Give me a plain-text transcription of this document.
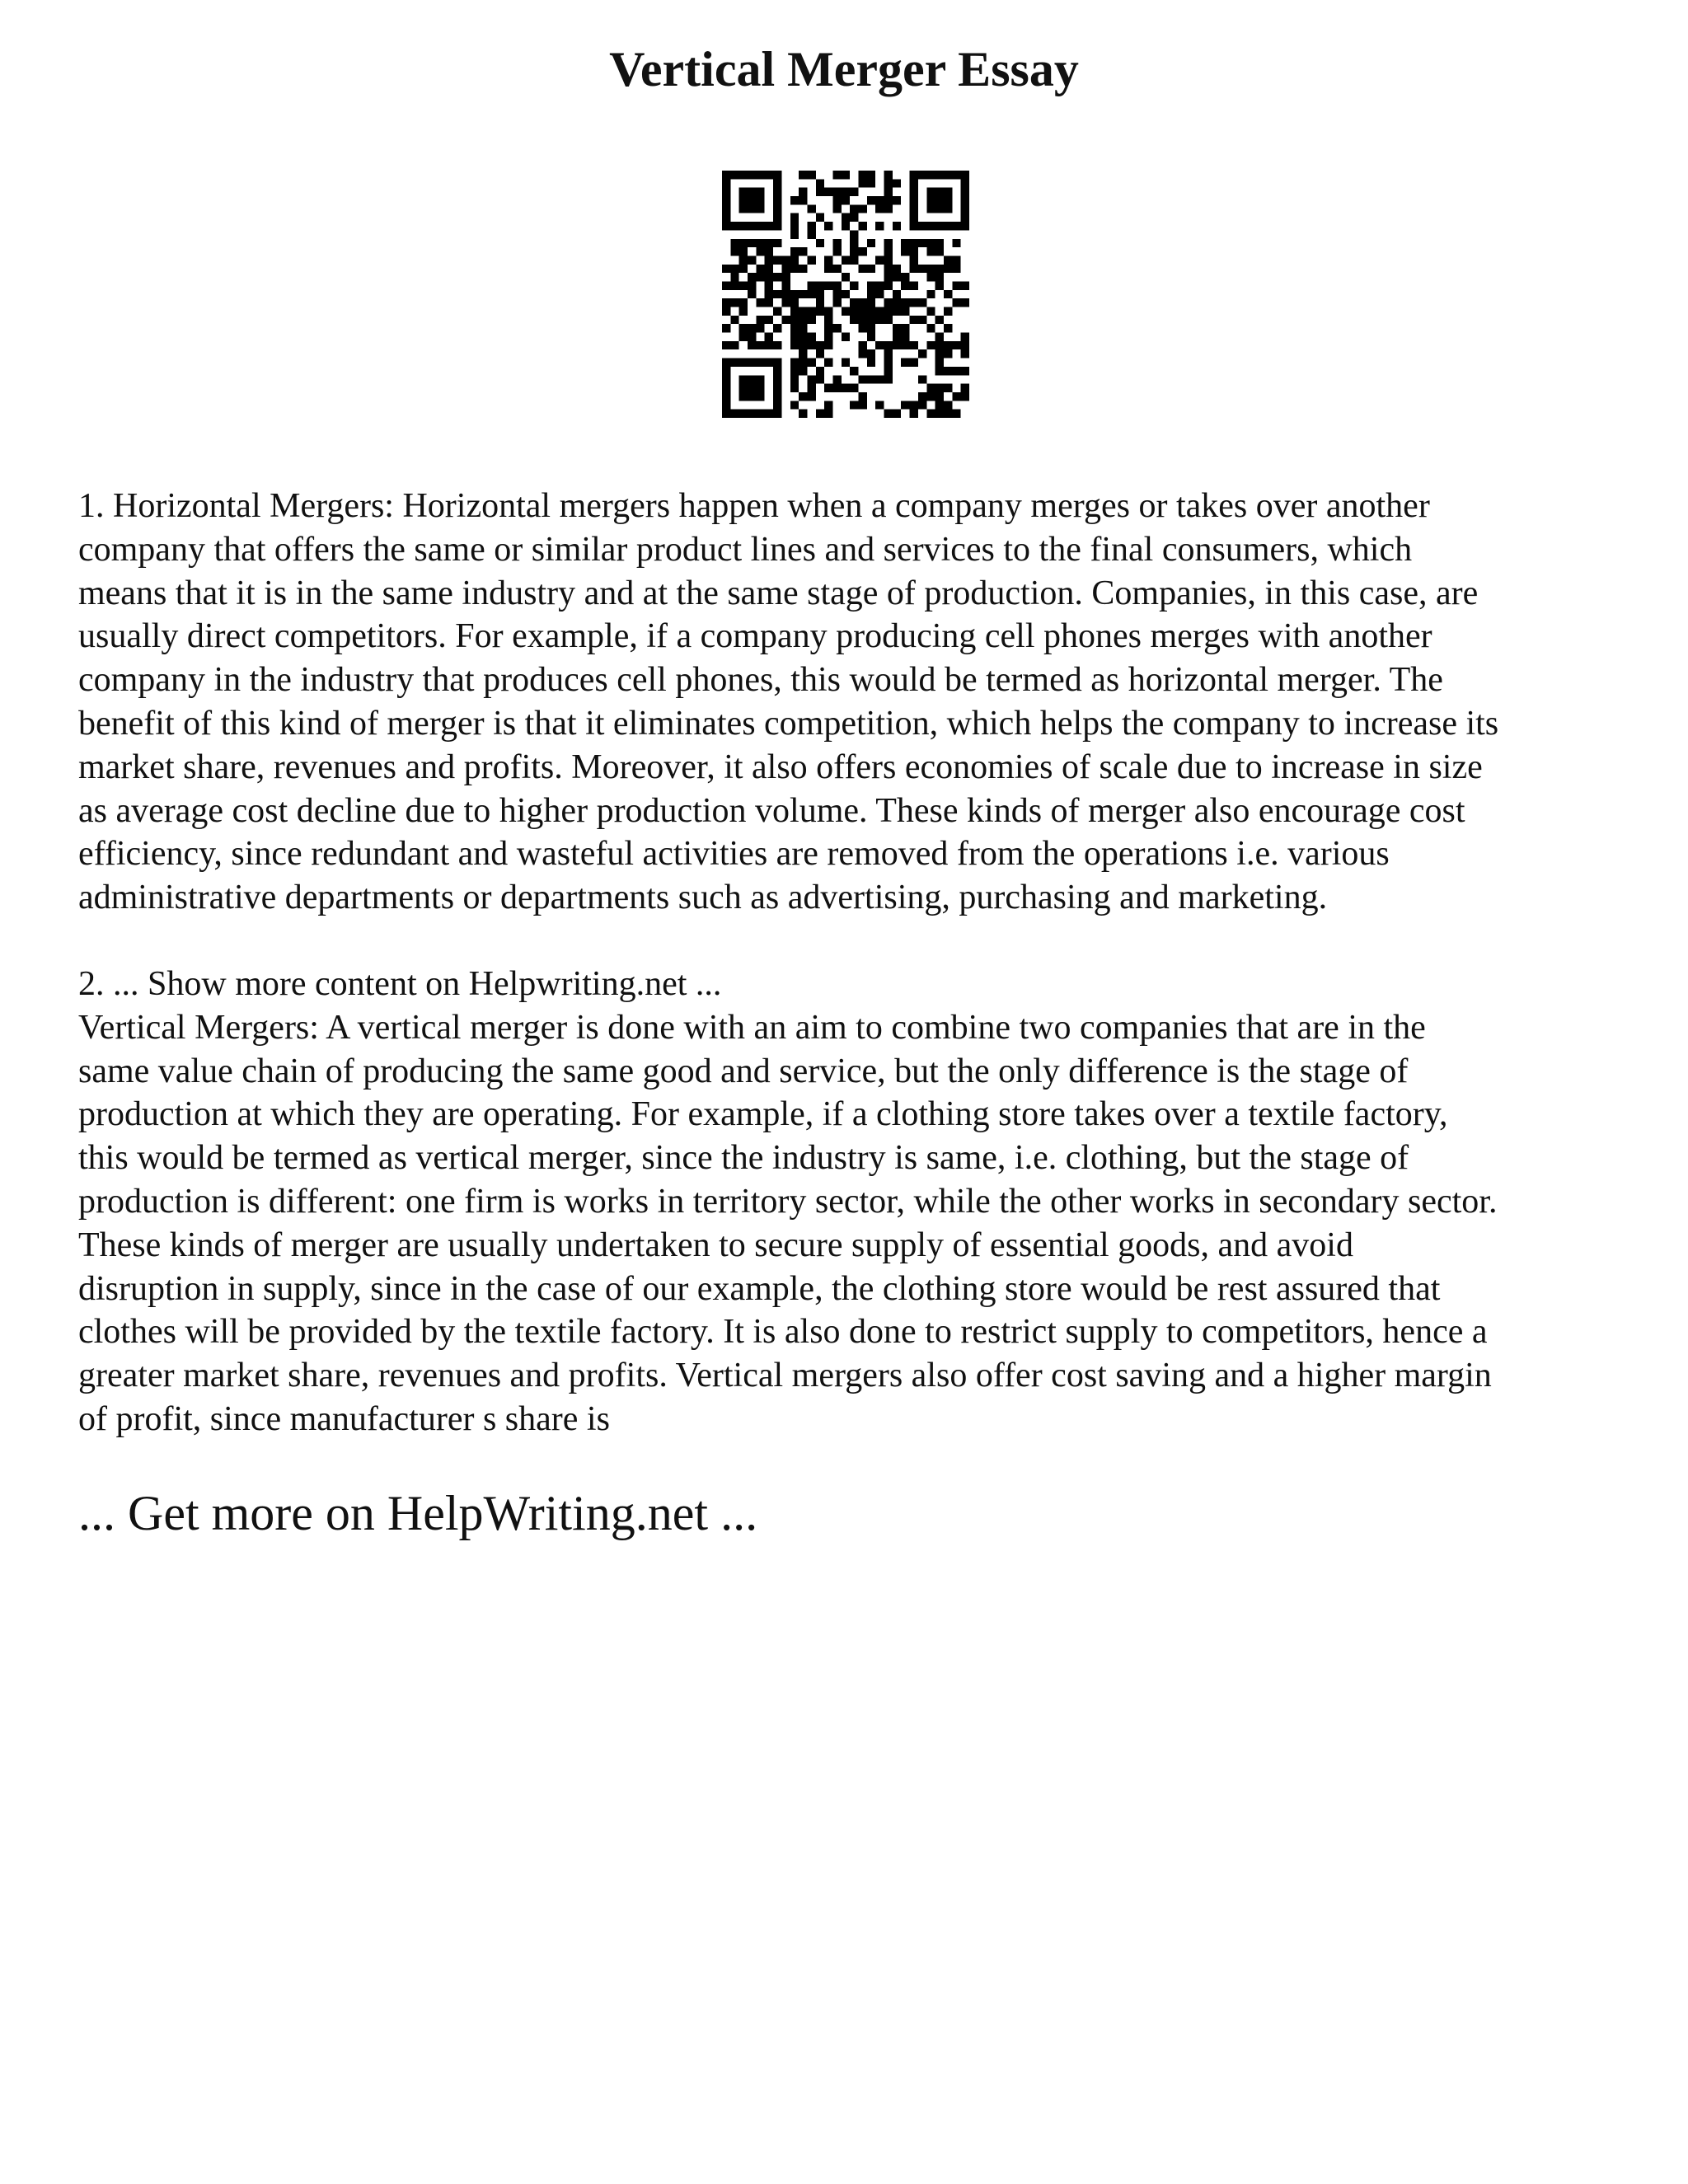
Vertical Merger Essay
1. Horizontal Mergers: Horizontal mergers happen when a company merges or takes over another
company that offers the same or similar product lines and services to the final consumers, which
means that it is in the same industry and at the same stage of production. Companies, in this case, are
usually direct competitors. For example, if a company producing cell phones merges with another
company in the industry that produces cell phones, this would be termed as horizontal merger. The
benefit of this kind of merger is that it eliminates competition, which helps the company to increase its
market share, revenues and profits. Moreover, it also offers economies of scale due to increase in size
as average cost decline due to higher production volume. These kinds of merger also encourage cost
efficiency, since redundant and wasteful activities are removed from the operations i.e. various
administrative departments or departments such as advertising, purchasing and marketing.
2. ... Show more content on Helpwriting.net ...
Vertical Mergers: A vertical merger is done with an aim to combine two companies that are in the
same value chain of producing the same good and service, but the only difference is the stage of
production at which they are operating. For example, if a clothing store takes over a textile factory,
this would be termed as vertical merger, since the industry is same, i.e. clothing, but the stage of
production is different: one firm is works in territory sector, while the other works in secondary sector.
These kinds of merger are usually undertaken to secure supply of essential goods, and avoid
disruption in supply, since in the case of our example, the clothing store would be rest assured that
clothes will be provided by the textile factory. It is also done to restrict supply to competitors, hence a
greater market share, revenues and profits. Vertical mergers also offer cost saving and a higher margin
of profit, since manufacturer s share is

... Get more on HelpWriting.net ...
